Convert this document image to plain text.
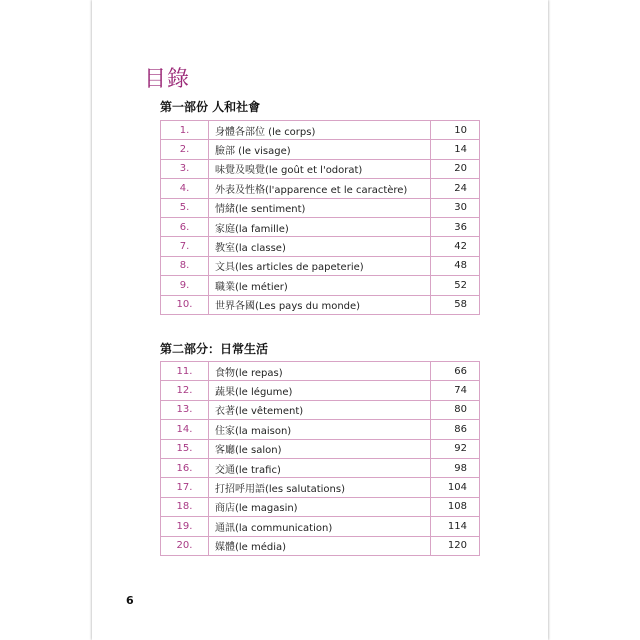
目錄
第一部份 人和社會
1.	身體各部位 (le corps)	10
2.	臉部 (le visage)	14
3.	味覺及嗅覺(le goût et l'odorat)	20
4.	外表及性格(l'apparence et le caractère)	24
5.	情緒(le sentiment)	30
6.	家庭(la famille)	36
7.	教室(la classe)	42
8.	文具(les articles de papeterie)	48
9.	職業(le métier)	52
10.	世界各國(Les pays du monde)	58
第二部分：日常生活
11.	食物(le repas)	66
12.	蔬果(le légume)	74
13.	衣著(le vêtement)	80
14.	住家(la maison)	86
15.	客廳(le salon)	92
16.	交通(le trafic)	98
17.	打招呼用語(les salutations)	104
18.	商店(le magasin)	108
19.	通訊(la communication)	114
20.	媒體(le média)	120
6
